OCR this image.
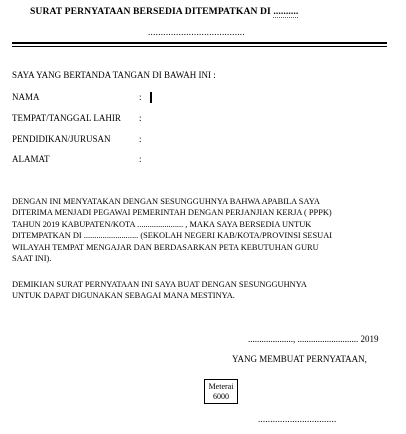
SURAT PERNYATAAN BERSEDIA DITEMPATKAN DI ..........
......................................
SAYA YANG BERTANDA TANGAN DI BAWAH INI :
NAMA	:
TEMPAT/TANGGAL LAHIR :
PENDIDIKAN/JURUSAN	:
ALAMAT	:
DENGAN INI MENYATAKAN DENGAN SESUNGGUHNYA BAHWA APABILA SAYA
DITERIMA MENJADI PEGAWAI PEMERINTAH DENGAN PERJANJIAN KERJA ( PPPK)
TAHUN 2019 KABUPATEN/KOTA ...................... , MAKA SAYA BERSEDIA UNTUK
DITEMPATKAN DI .......................... (SEKOLAH NEGERI KAB/KOTA/PROVINSI SESUAI
WILAYAH TEMPAT MENGAJAR DAN BERDASARKAN PETA KEBUTUHAN GURU
SAAT INI).
DEMIKIAN SURAT PERNYATAAN INI SAYA BUAT DENGAN SESUNGGUHNYA
UNTUK DAPAT DIGUNAKAN SEBAGAI MANA MESTINYA.
...................., ........................... 2019
YANG MEMBUAT PERNYATAAN,
Meterai
6000
................................
